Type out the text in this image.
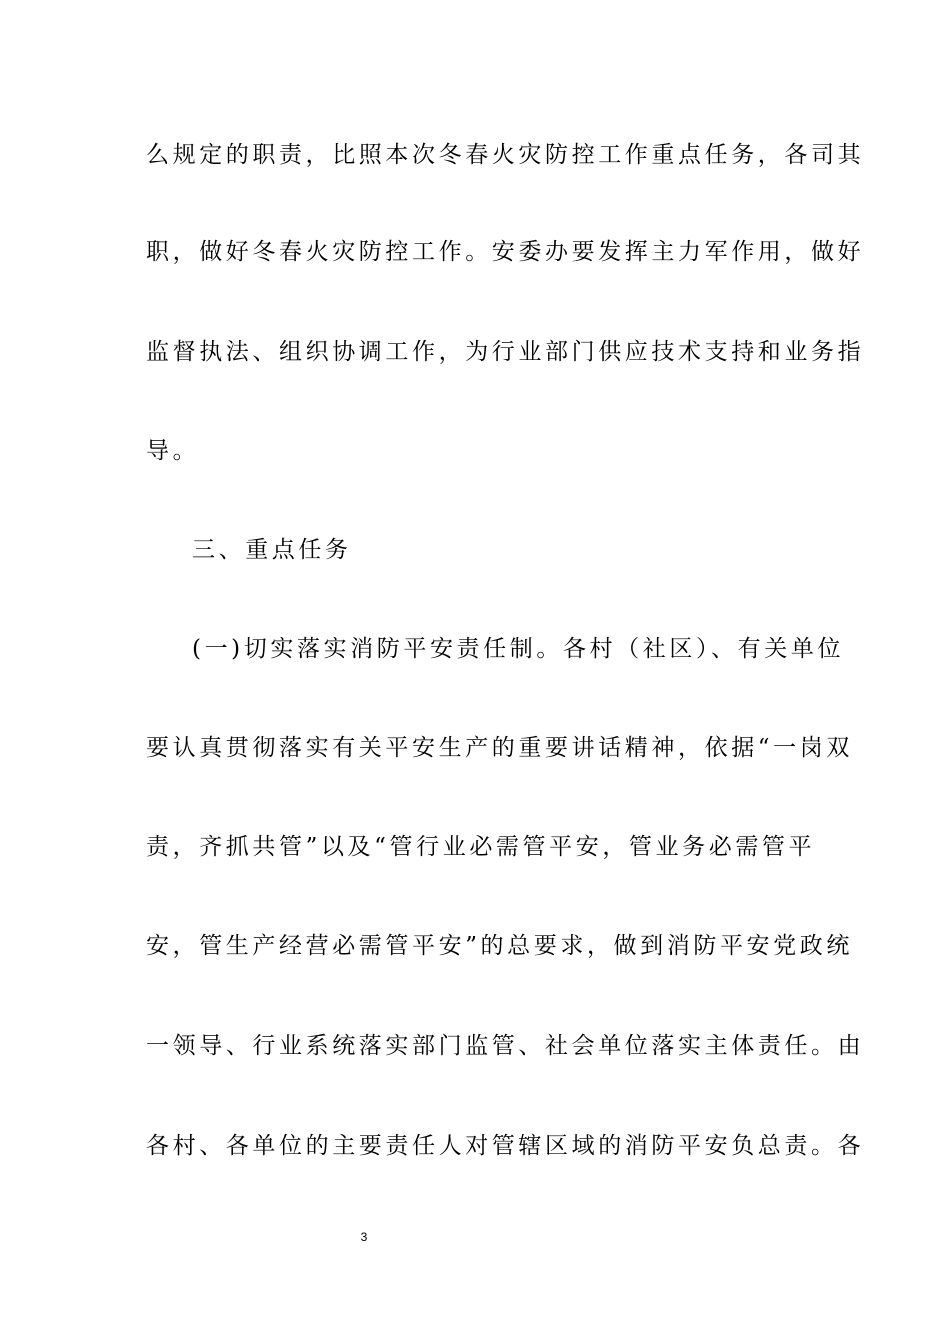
么规定的职责，比照本次冬春火灾防控工作重点任务，各司其
职，做好冬春火灾防控工作。安委办要发挥主力军作用，做好
监督执法、组织协调工作，为行业部门供应技术支持和业务指
导。
三、重点任务
(一)切实落实消防平安责任制。各村（社区）、有关单位
要认真贯彻落实有关平安生产的重要讲话精神，依据“一岗双
责，齐抓共管”以及“管行业必需管平安，管业务必需管平
安，管生产经营必需管平安”的总要求，做到消防平安党政统
一领导、行业系统落实部门监管、社会单位落实主体责任。由
各村、各单位的主要责任人对管辖区域的消防平安负总责。各
3
